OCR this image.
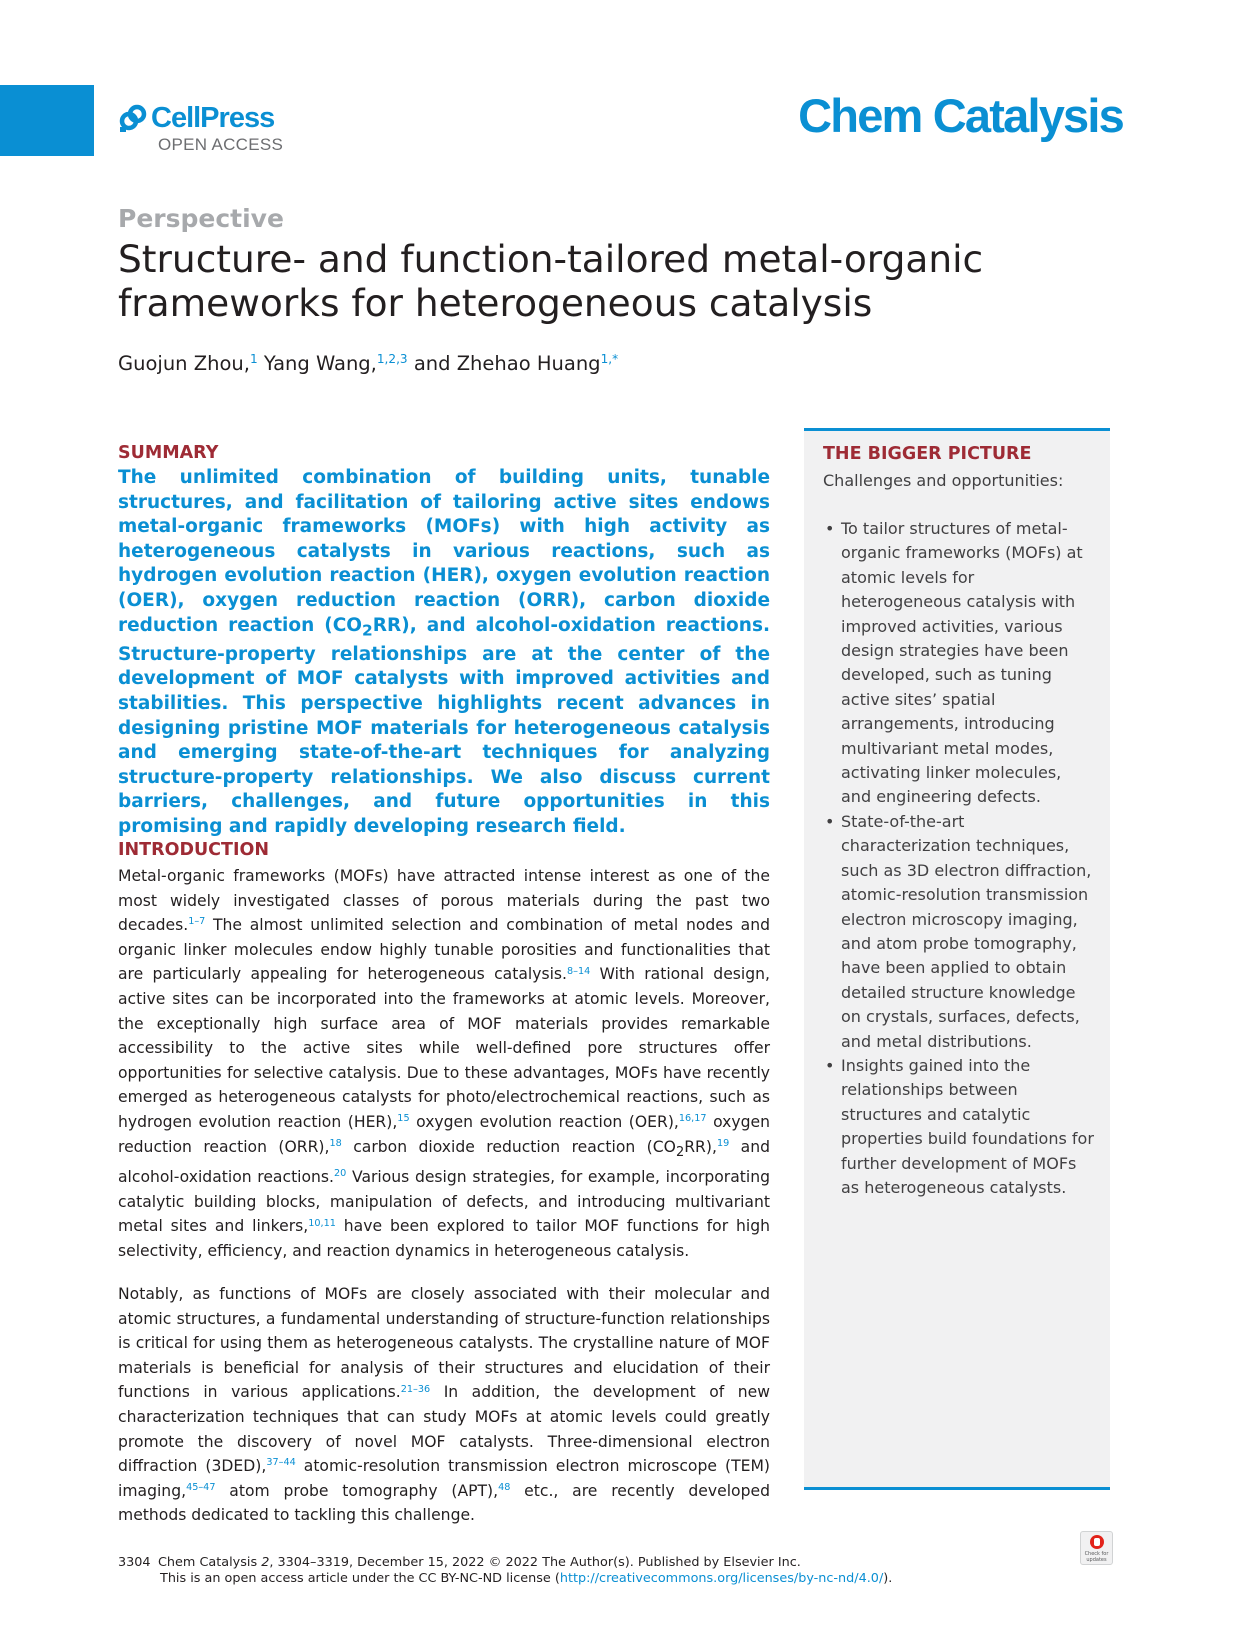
CellPress
OPEN ACCESS
Chem Catalysis
Perspective
Structure- and function-tailored metal-organic frameworks for heterogeneous catalysis
Guojun Zhou,$^1$ Yang Wang,$^{1,2,3}$ and Zhehao Huang$^{1,*}$
SUMMARY

The unlimited combination of building units, tunable structures, and facilitation of tailoring active sites endows metal-organic frameworks (MOFs) with high activity as heterogeneous catalysts in various reactions, such as hydrogen evolution reaction (HER), oxygen evolution reaction (OER), oxygen reduction reaction (ORR), carbon dioxide reduction reaction $(CO_2RR)$, and alcohol-oxidation reactions. Structure-property relationships are at the center of the development of MOF catalysts with improved activities and stabilities. This perspective highlights recent advances in designing pristine MOF materials for heterogeneous catalysis and emerging state-of-the-art techniques for analyzing structure-property relationships. We also discuss current barriers, challenges, and future opportunities in this promising and rapidly developing research field.

INTRODUCTION

Metal-organic frameworks (MOFs) have attracted intense interest as one of the most widely investigated classes of porous materials during the past two decades.$^{1-7}$ The almost unlimited selection and combination of metal nodes and organic linker molecules endow highly tunable porosities and functionalities that are particularly appealing for heterogeneous catalysis.$^{8-14}$ With rational design, active sites can be incorporated into the frameworks at atomic levels. Moreover, the exceptionally high surface area of MOF materials provides remarkable accessibility to the active sites while well-defined pore structures offer opportunities for selective catalysis. Due to these advantages, MOFs have recently emerged as heterogeneous catalysts for photo/electrochemical reactions, such as hydrogen evolution reaction (HER),$^{15}$ oxygen evolution reaction (OER),$^{16,17}$ oxygen reduction reaction (ORR),$^{18}$ carbon dioxide reduction reaction $(CO_2RR),^{19}$ and alcohol-oxidation reactions.$^{20}$ Various design strategies, for example, incorporating catalytic building blocks, manipulation of defects, and introducing multivariant metal sites and linkers,$^{10,11}$ have been explored to tailor MOF functions for high selectivity, efficiency, and reaction dynamics in heterogeneous catalysis.

Notably, as functions of MOFs are closely associated with their molecular and atomic structures, a fundamental understanding of structure-function relationships is critical for using them as heterogeneous catalysts. The crystalline nature of MOF materials is beneficial for analysis of their structures and elucidation of their functions in various applications.$^{21-36}$ In addition, the development of new characterization techniques that can study MOFs at atomic levels could greatly promote the discovery of novel MOF catalysts. Three-dimensional electron diffraction (3DED),$^{37-44}$ atomic-resolution transmission electron microscope (TEM) imaging,$^{45-47}$ atom probe tomography (APT),$^{48}$ etc., are recently developed methods dedicated to tackling this challenge.

THE BIGGER PICTURE

Challenges and opportunities:

• To tailor structures of metal-organic frameworks (MOFs) at atomic levels for heterogeneous catalysis with improved activities, various design strategies have been developed, such as tuning active sites’ spatial arrangements, introducing multivariant metal modes, activating linker molecules, and engineering defects.
• State-of-the-art characterization techniques, such as 3D electron diffraction, atomic-resolution transmission electron microscopy imaging, and atom probe tomography, have been applied to obtain detailed structure knowledge on crystals, surfaces, defects, and metal distributions.
• Insights gained into the relationships between structures and catalytic properties build foundations for further development of MOFs as heterogeneous catalysts.
3304 Chem Catalysis 2, 3304–3319, December 15, 2022 © 2022 The Author(s). Published by Elsevier Inc.
This is an open access article under the CC BY-NC-ND license (http://creativecommons.org/licenses/by-nc-nd/4.0/).
Check for
updates
